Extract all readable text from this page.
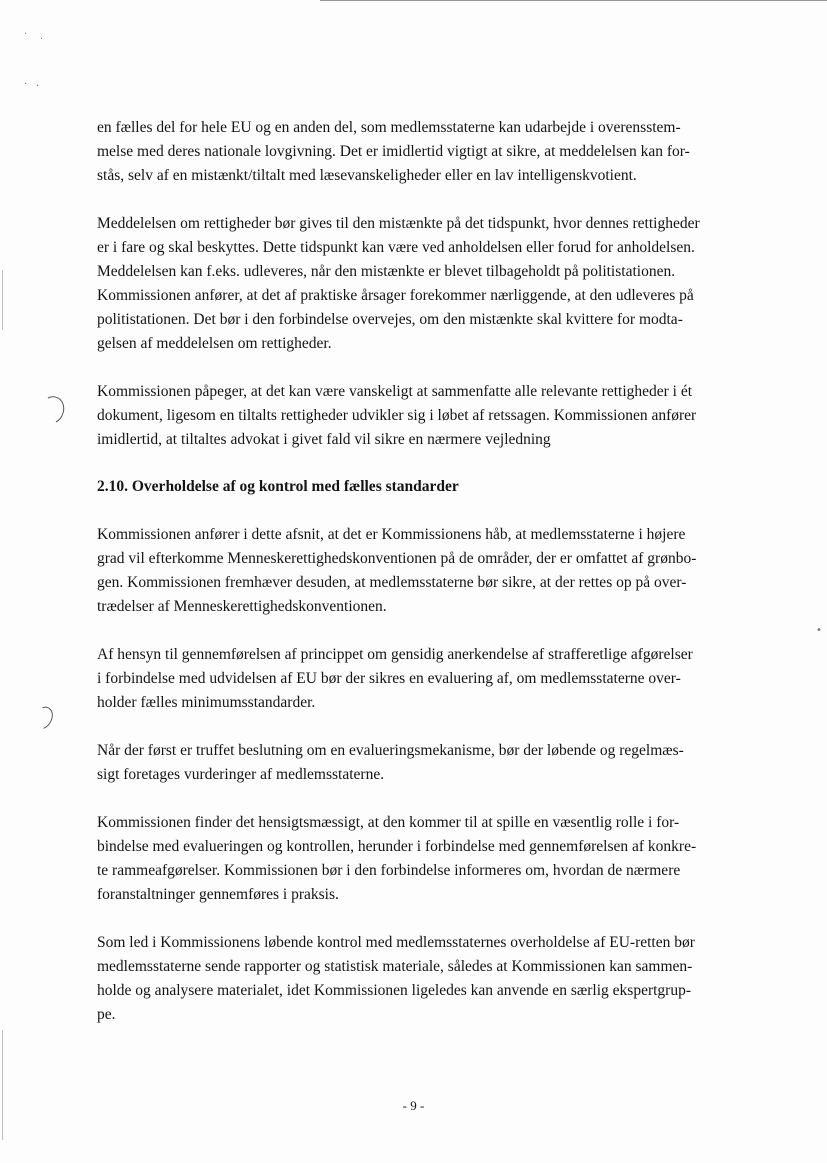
· ·
· ·
•

en fælles del for hele EU og en anden del, som medlemsstaterne kan udarbejde i overensstem-
melse med deres nationale lovgivning. Det er imidlertid vigtigt at sikre, at meddelelsen kan for-
stås, selv af en mistænkt/tiltalt med læsevanskeligheder eller en lav intelligenskvotient.

Meddelelsen om rettigheder bør gives til den mistænkte på det tidspunkt, hvor dennes rettigheder
er i fare og skal beskyttes. Dette tidspunkt kan være ved anholdelsen eller forud for anholdelsen.
Meddelelsen kan f.eks. udleveres, når den mistænkte er blevet tilbageholdt på politistationen.
Kommissionen anfører, at det af praktiske årsager forekommer nærliggende, at den udleveres på
politistationen. Det bør i den forbindelse overvejes, om den mistænkte skal kvittere for modta-
gelsen af meddelelsen om rettigheder.

Kommissionen påpeger, at det kan være vanskeligt at sammenfatte alle relevante rettigheder i ét
dokument, ligesom en tiltalts rettigheder udvikler sig i løbet af retssagen. Kommissionen anfører
imidlertid, at tiltaltes advokat i givet fald vil sikre en nærmere vejledning

2.10. Overholdelse af og kontrol med fælles standarder

Kommissionen anfører i dette afsnit, at det er Kommissionens håb, at medlemsstaterne i højere
grad vil efterkomme Menneskerettighedskonventionen på de områder, der er omfattet af grønbo-
gen. Kommissionen fremhæver desuden, at medlemsstaterne bør sikre, at der rettes op på over-
trædelser af Menneskerettighedskonventionen.

Af hensyn til gennemførelsen af princippet om gensidig anerkendelse af strafferetlige afgørelser
i forbindelse med udvidelsen af EU bør der sikres en evaluering af, om medlemsstaterne over-
holder fælles minimumsstandarder.

Når der først er truffet beslutning om en evalueringsmekanisme, bør der løbende og regelmæs-
sigt foretages vurderinger af medlemsstaterne.

Kommissionen finder det hensigtsmæssigt, at den kommer til at spille en væsentlig rolle i for-
bindelse med evalueringen og kontrollen, herunder i forbindelse med gennemførelsen af konkre-
te rammeafgørelser. Kommissionen bør i den forbindelse informeres om, hvordan de nærmere
foranstaltninger gennemføres i praksis.

Som led i Kommissionens løbende kontrol med medlemsstaternes overholdelse af EU-retten bør
medlemsstaterne sende rapporter og statistisk materiale, således at Kommissionen kan sammen-
holde og analysere materialet, idet Kommissionen ligeledes kan anvende en særlig ekspertgrup-
pe.

- 9 -
